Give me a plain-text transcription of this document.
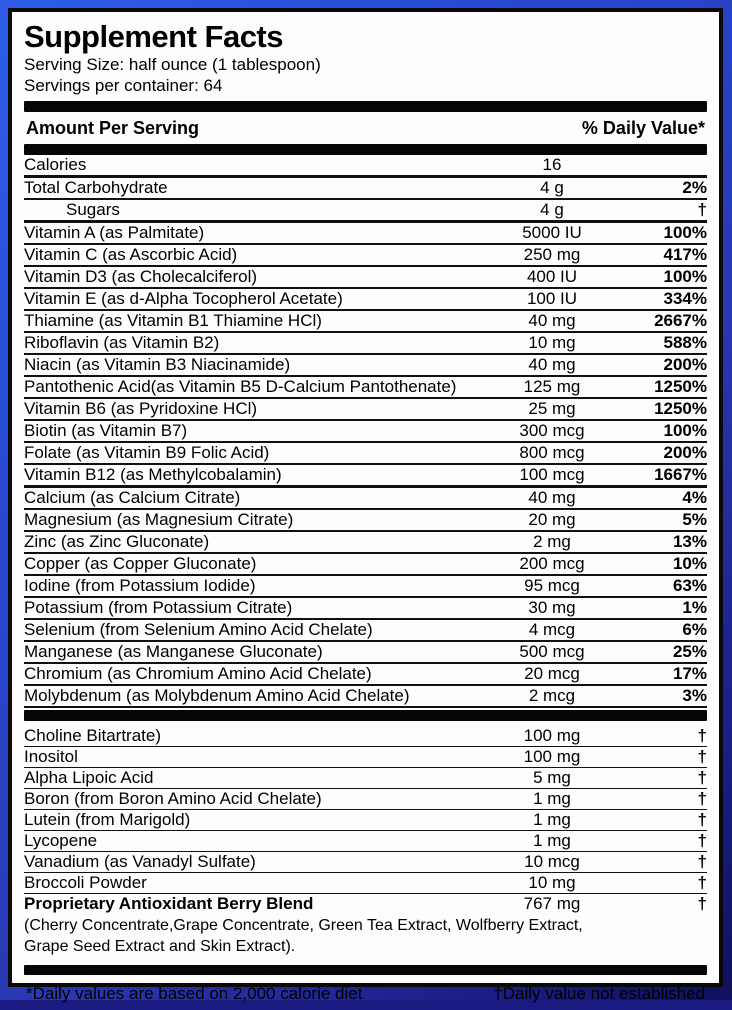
Supplement Facts
Serving Size: half ounce (1 tablespoon)
Servings per container: 64
Amount Per Serving	% Daily Value*
Calories	16
Total Carbohydrate	4 g	2%
Sugars	4 g	†
Vitamin A (as Palmitate)	5000 IU	100%
Vitamin C (as Ascorbic Acid)	250 mg	417%
Vitamin D3 (as Cholecalciferol)	400 IU	100%
Vitamin E (as d-Alpha Tocopherol Acetate)	100 IU	334%
Thiamine (as Vitamin B1 Thiamine HCl)	40 mg	2667%
Riboflavin (as Vitamin B2)	10 mg	588%
Niacin (as Vitamin B3 Niacinamide)	40 mg	200%
Pantothenic Acid(as Vitamin B5 D-Calcium Pantothenate)	125 mg	1250%
Vitamin B6 (as Pyridoxine HCl)	25 mg	1250%
Biotin (as Vitamin B7)	300 mcg	100%
Folate (as Vitamin B9 Folic Acid)	800 mcg	200%
Vitamin B12 (as Methylcobalamin)	100 mcg	1667%
Calcium (as Calcium Citrate)	40 mg	4%
Magnesium (as Magnesium Citrate)	20 mg	5%
Zinc (as Zinc Gluconate)	2 mg	13%
Copper (as Copper Gluconate)	200 mcg	10%
Iodine (from Potassium Iodide)	95 mcg	63%
Potassium (from Potassium Citrate)	30 mg	1%
Selenium (from Selenium Amino Acid Chelate)	4 mcg	6%
Manganese (as Manganese Gluconate)	500 mcg	25%
Chromium (as Chromium Amino Acid Chelate)	20 mcg	17%
Molybdenum (as Molybdenum Amino Acid Chelate)	2 mcg	3%
Choline Bitartrate)	100 mg	†
Inositol	100 mg	†
Alpha Lipoic Acid	5 mg	†
Boron (from Boron Amino Acid Chelate)	1 mg	†
Lutein (from Marigold)	1 mg	†
Lycopene	1 mg	†
Vanadium (as Vanadyl Sulfate)	10 mcg	†
Broccoli Powder	10 mg	†
Proprietary Antioxidant Berry Blend	767 mg	†
(Cherry Concentrate,Grape Concentrate, Green Tea Extract, Wolfberry Extract,
Grape Seed Extract and Skin Extract).
*Daily values are based on 2,000 calorie diet	†Daily value not established
